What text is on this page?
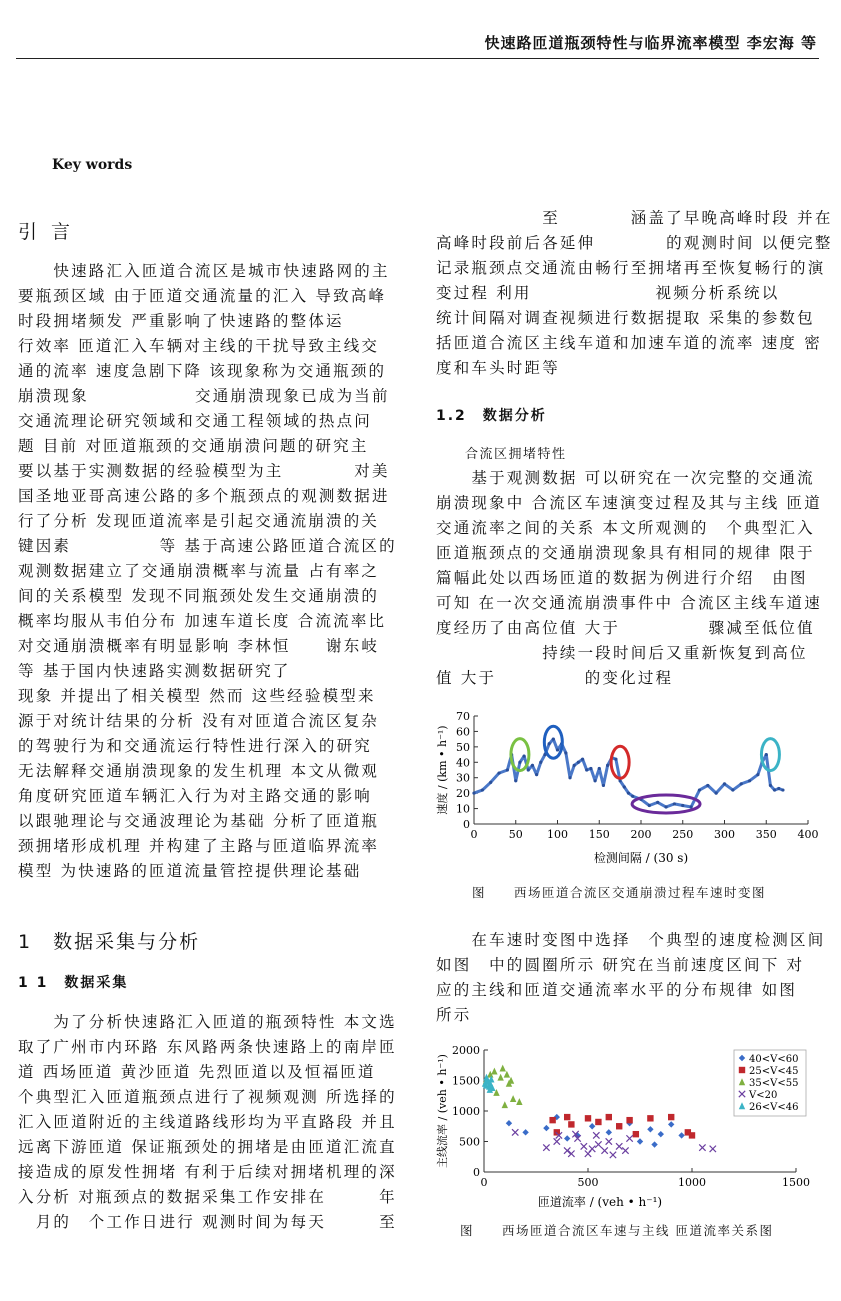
快速路匝道瓶颈特性与临界流率模型 李宏海 等
Key words
引言

　　快速路汇入匝道合流区是城市快速路网的主

要瓶颈区域 由于匝道交通流量的汇入 导致高峰

时段拥堵频发 严重影响了快速路的整体运

行效率 匝道汇入车辆对主线的干扰导致主线交

通的流率 速度急剧下降 该现象称为交通瓶颈的

崩溃现象　　　　　　交通崩溃现象已成为当前

交通流理论研究领域和交通工程领域的热点问

题 目前 对匝道瓶颈的交通崩溃问题的研究主

要以基于实测数据的经验模型为主　　　　对美

国圣地亚哥高速公路的多个瓶颈点的观测数据进

行了分析 发现匝道流率是引起交通流崩溃的关

键因素　　　　　等 基于高速公路匝道合流区的

观测数据建立了交通崩溃概率与流量 占有率之

间的关系模型 发现不同瓶颈处发生交通崩溃的

概率均服从韦伯分布 加速车道长度 合流流率比

对交通崩溃概率有明显影响 李林恒　　谢东岐

等 基于国内快速路实测数据研究了

现象 并提出了相关模型 然而 这些经验模型来

源于对统计结果的分析 没有对匝道合流区复杂

的驾驶行为和交通流运行特性进行深入的研究

无法解释交通崩溃现象的发生机理 本文从微观

角度研究匝道车辆汇入行为对主路交通的影响

以跟驰理论与交通波理论为基础 分析了匝道瓶

颈拥堵形成机理 并构建了主路与匝道临界流率

模型 为快速路的匝道流量管控提供理论基础

1　数据采集与分析
1 1　数据采集

　　为了分析快速路汇入匝道的瓶颈特性 本文选

取了广州市内环路 东风路两条快速路上的南岸匝

道 西场匝道 黄沙匝道 先烈匝道以及恒福匝道

个典型汇入匝道瓶颈点进行了视频观测 所选择的

汇入匝道附近的主线道路线形均为平直路段 并且

远离下游匝道 保证瓶颈处的拥堵是由匝道汇流直

接造成的原发性拥堵 有利于后续对拥堵机理的深

入分析 对瓶颈点的数据采集工作安排在　　　年

　月的　个工作日进行 观测时间为每天　　　至

　　　　　　至　　　　涵盖了早晚高峰时段 并在

高峰时段前后各延伸　　　　的观测时间 以便完整

记录瓶颈点交通流由畅行至拥堵再至恢复畅行的演

变过程 利用　　　　　　　视频分析系统以

统计间隔对调查视频进行数据提取 采集的参数包

括匝道合流区主线车道和加速车道的流率 速度 密

度和车头时距等

1.2　数据分析

　　合流区拥堵特性

　　基于观测数据 可以研究在一次完整的交通流

崩溃现象中 合流区车速演变过程及其与主线 匝道

交通流率之间的关系 本文所观测的　个典型汇入

匝道瓶颈点的交通崩溃现象具有相同的规律 限于

篇幅此处以西场匝道的数据为例进行介绍　由图

可知 在一次交通流崩溃事件中 合流区主线车道速

度经历了由高位值 大于　　　　　骤减至低位值

　　　　　　持续一段时间后又重新恢复到高位

值 大于　　　　　的变化过程

0
10
20
30
40
50
60
70
0	50 100 150 200 250 300 350 400
检测间隔 / (30 s)
速度 / (km • h⁻¹)
图　　西场匝道合流区交通崩溃过程车速时变图

　　在车速时变图中选择　个典型的速度检测区间

如图　中的圆圈所示 研究在当前速度区间下 对

应的主线和匝道交通流率水平的分布规律 如图

所示

0
500
1000
1500
2000
0	500	1000	1500
40<V<60
25<V<45
35<V<55
V<20
26<V<46
匝道流率 / (veh • h⁻¹)
主线流率 / (veh • h⁻¹)
图　　西场匝道合流区车速与主线 匝道流率关系图
